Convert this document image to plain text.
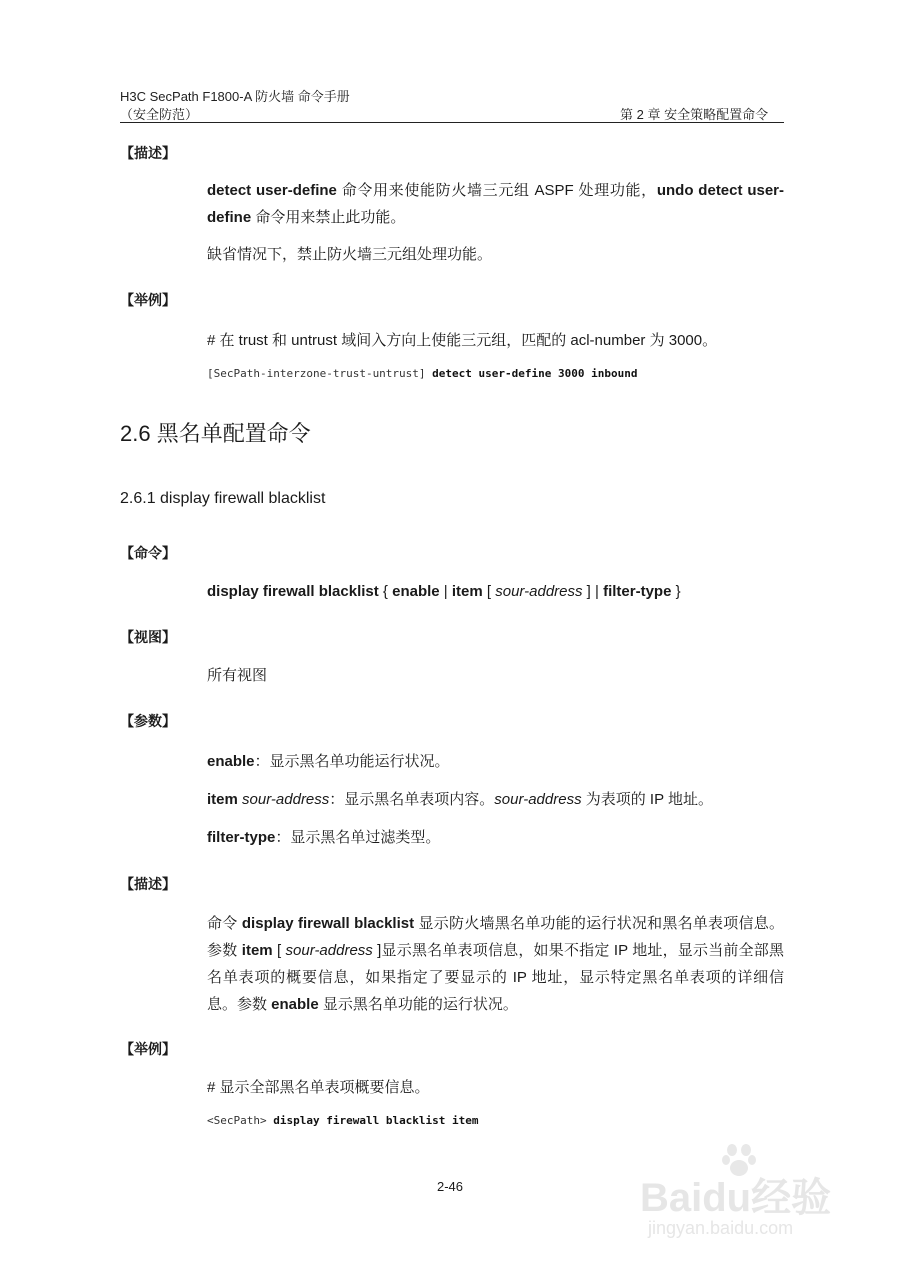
H3C SecPath F1800-A 防火墙 命令手册
（安全防范）	第 2 章 安全策略配置命令
【描述】
detect user-define 命令用来使能防火墙三元组 ASPF 处理功能，undo detect user-define 命令用来禁止此功能。
缺省情况下，禁止防火墙三元组处理功能。
【举例】
# 在 trust 和 untrust 域间入方向上使能三元组，匹配的 acl-number 为 3000。
[SecPath-interzone-trust-untrust] detect user-define 3000 inbound
2.6 黑名单配置命令
2.6.1 display firewall blacklist
【命令】
display firewall blacklist { enable | item [ sour-address ] | filter-type }
【视图】
所有视图
【参数】
enable：显示黑名单功能运行状况。
item sour-address：显示黑名单表项内容。sour-address 为表项的 IP 地址。
filter-type：显示黑名单过滤类型。
【描述】
命令 display firewall blacklist 显示防火墙黑名单功能的运行状况和黑名单表项信息。参数 item [ sour-address ]显示黑名单表项信息，如果不指定 IP 地址，显示当前全部黑名单表项的概要信息，如果指定了要显示的 IP 地址，显示特定黑名单表项的详细信息。参数 enable 显示黑名单功能的运行状况。
【举例】
# 显示全部黑名单表项概要信息。
<SecPath> display firewall blacklist item
2-46	Baidu经验
jingyan.baidu.com
